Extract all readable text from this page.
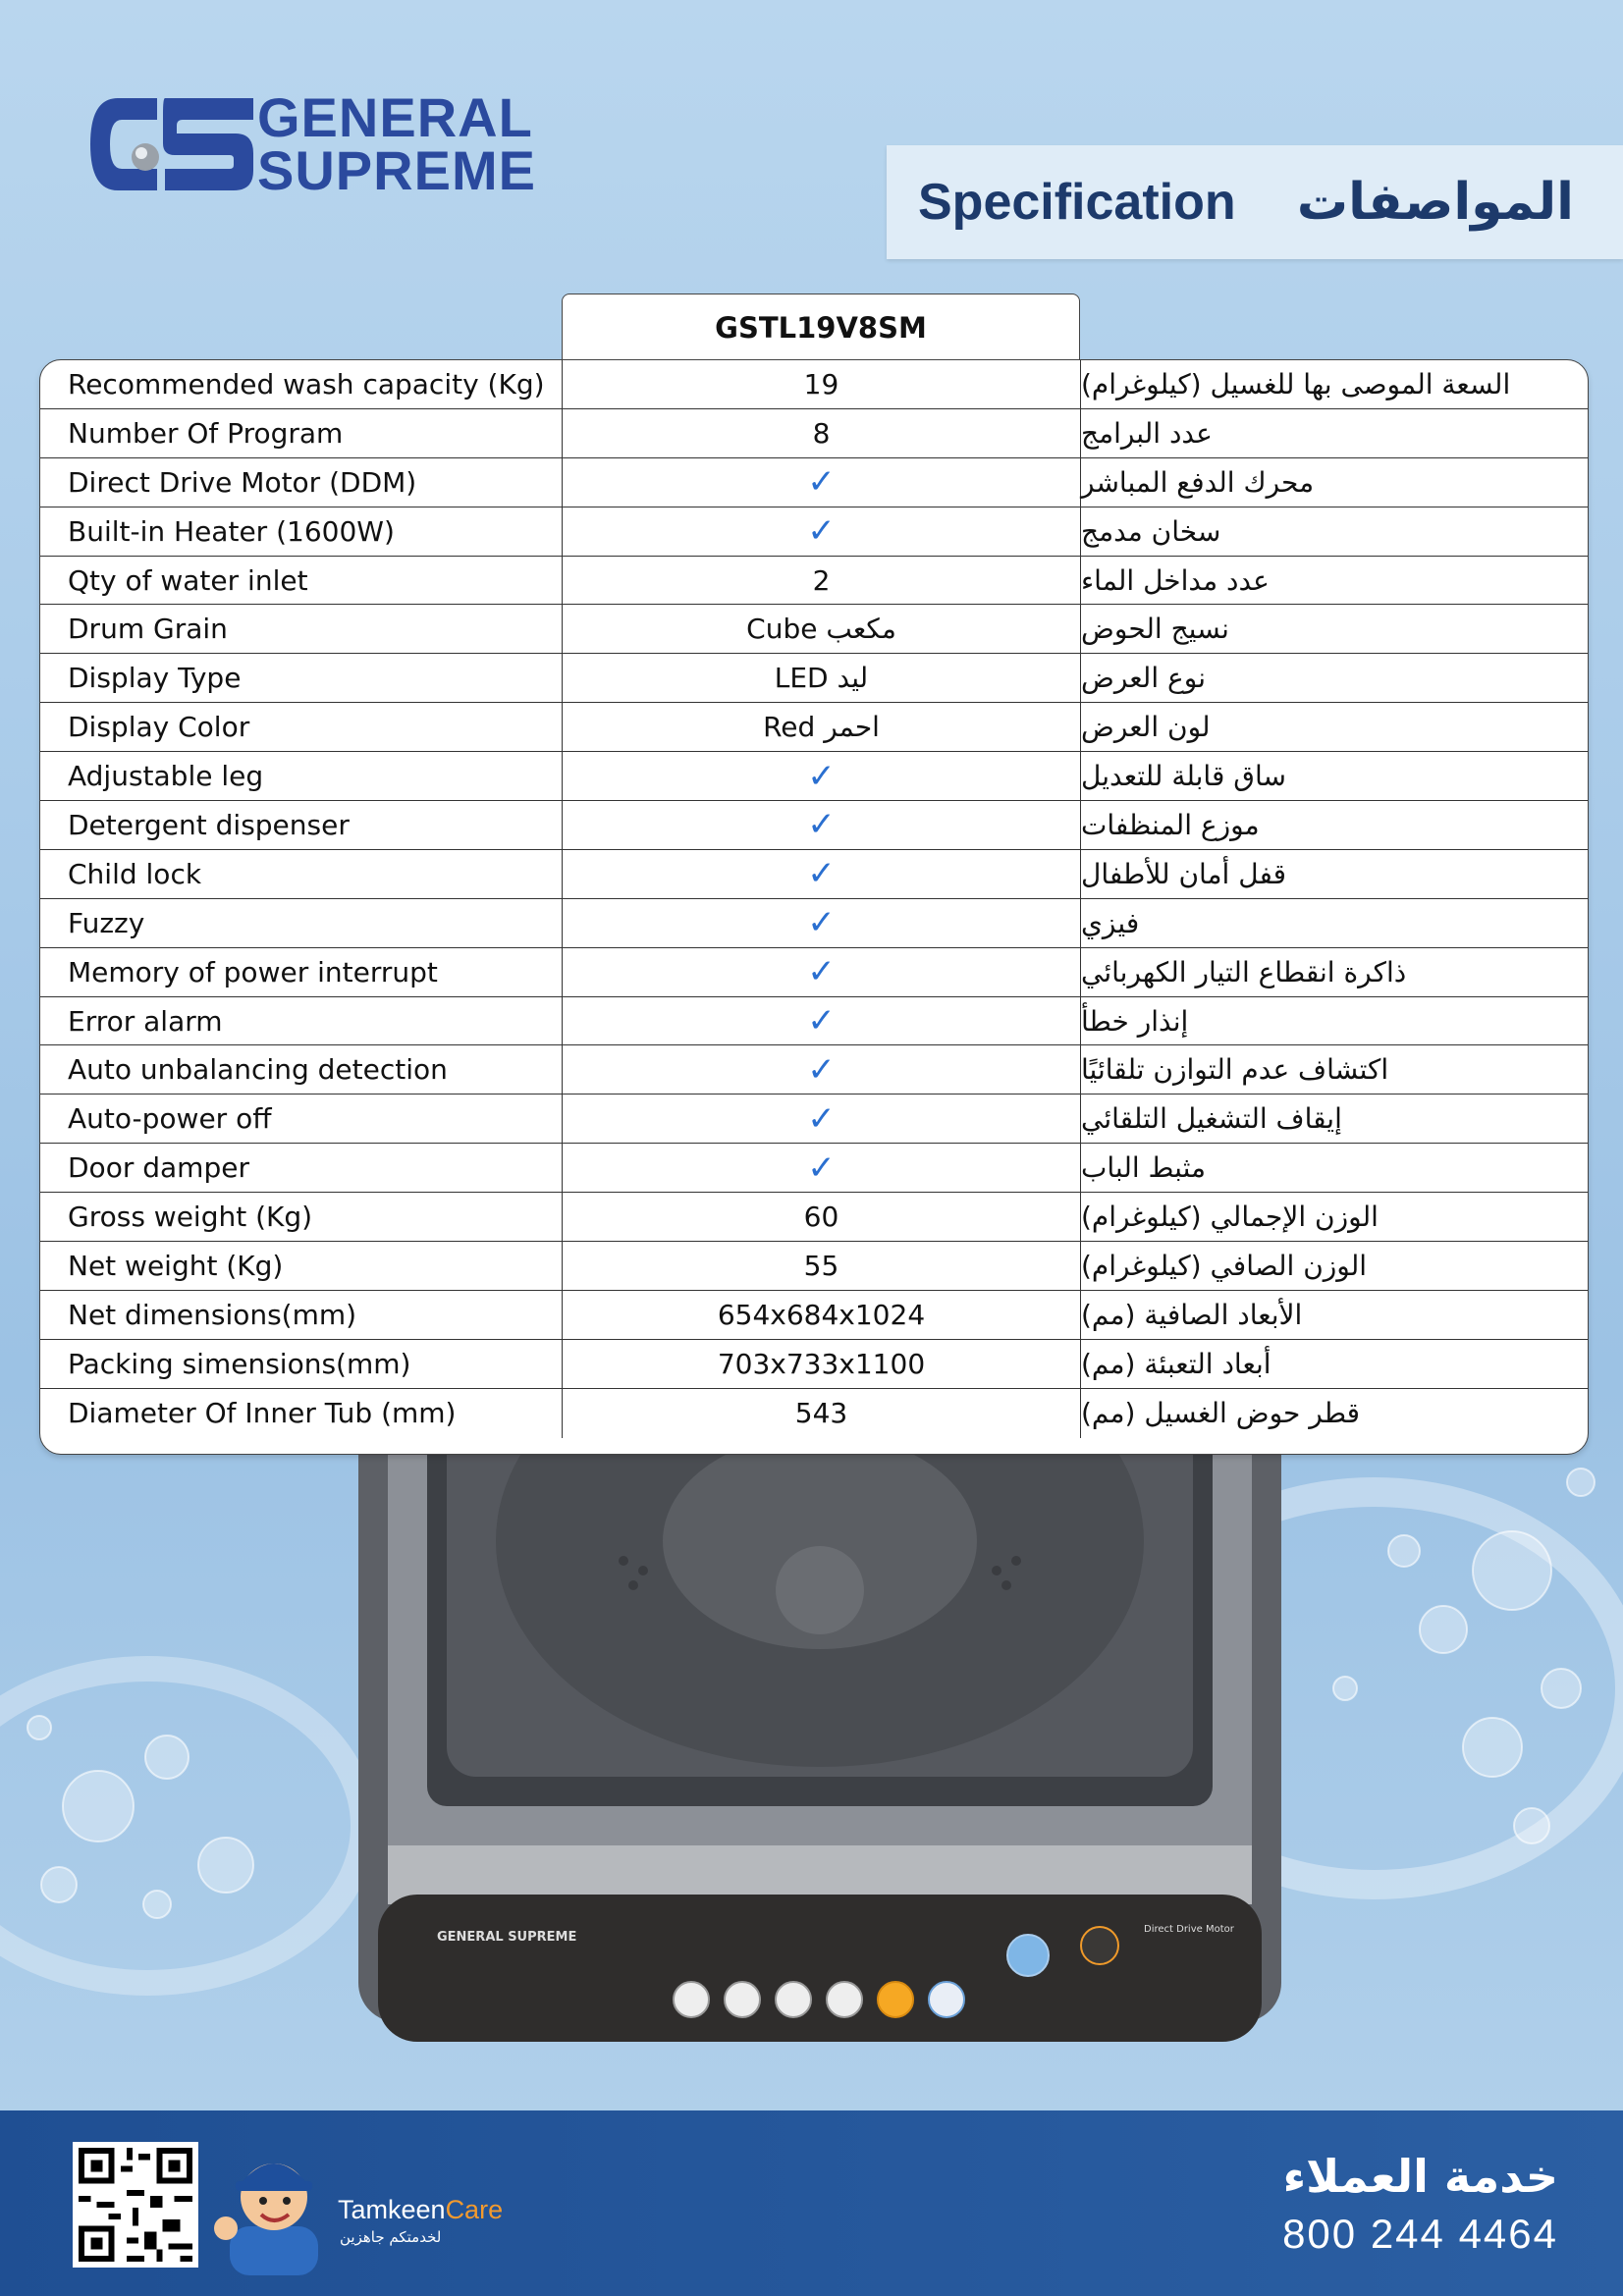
GENERAL SUPREME
Direct Drive Motor
GENERAL
SUPREME
Specification المواصفات
GSTL19V8SM
Recommended wash capacity (Kg)	19	السعة الموصى بها للغسيل (كيلوغرام)
Number Of Program	8	عدد البرامج
Direct Drive Motor (DDM)	✓	محرك الدفع المباشر
Built-in Heater (1600W)	✓	سخان مدمج
Qty of water inlet	2	عدد مداخل الماء
Drum Grain	Cube مكعب	نسيج الحوض
Display Type	LED ليد	نوع العرض
Display Color	Red احمر	لون العرض
Adjustable leg	✓	ساق قابلة للتعديل
Detergent dispenser	✓	موزع المنظفات
Child lock	✓	قفل أمان للأطفال
Fuzzy	✓	فيزي
Memory of power interrupt	✓	ذاكرة انقطاع التيار الكهربائي
Error alarm	✓	إنذار خطأ
Auto unbalancing detection	✓	اكتشاف عدم التوازن تلقائيًا
Auto-power off	✓	إيقاف التشغيل التلقائي
Door damper	✓	مثبط الباب
Gross weight (Kg)	60	الوزن الإجمالي (كيلوغرام)
Net weight (Kg)	55	الوزن الصافي (كيلوغرام)
Net dimensions(mm)	654x684x1024	الأبعاد الصافية (مم)
Packing simensions(mm)	703x733x1100	أبعاد التعبئة (مم)
Diameter Of Inner Tub (mm)	543	قطر حوض الغسيل (مم)
TamkeenCare
لخدمتكم جاهزين
خدمة العملاء
800 244 4464
